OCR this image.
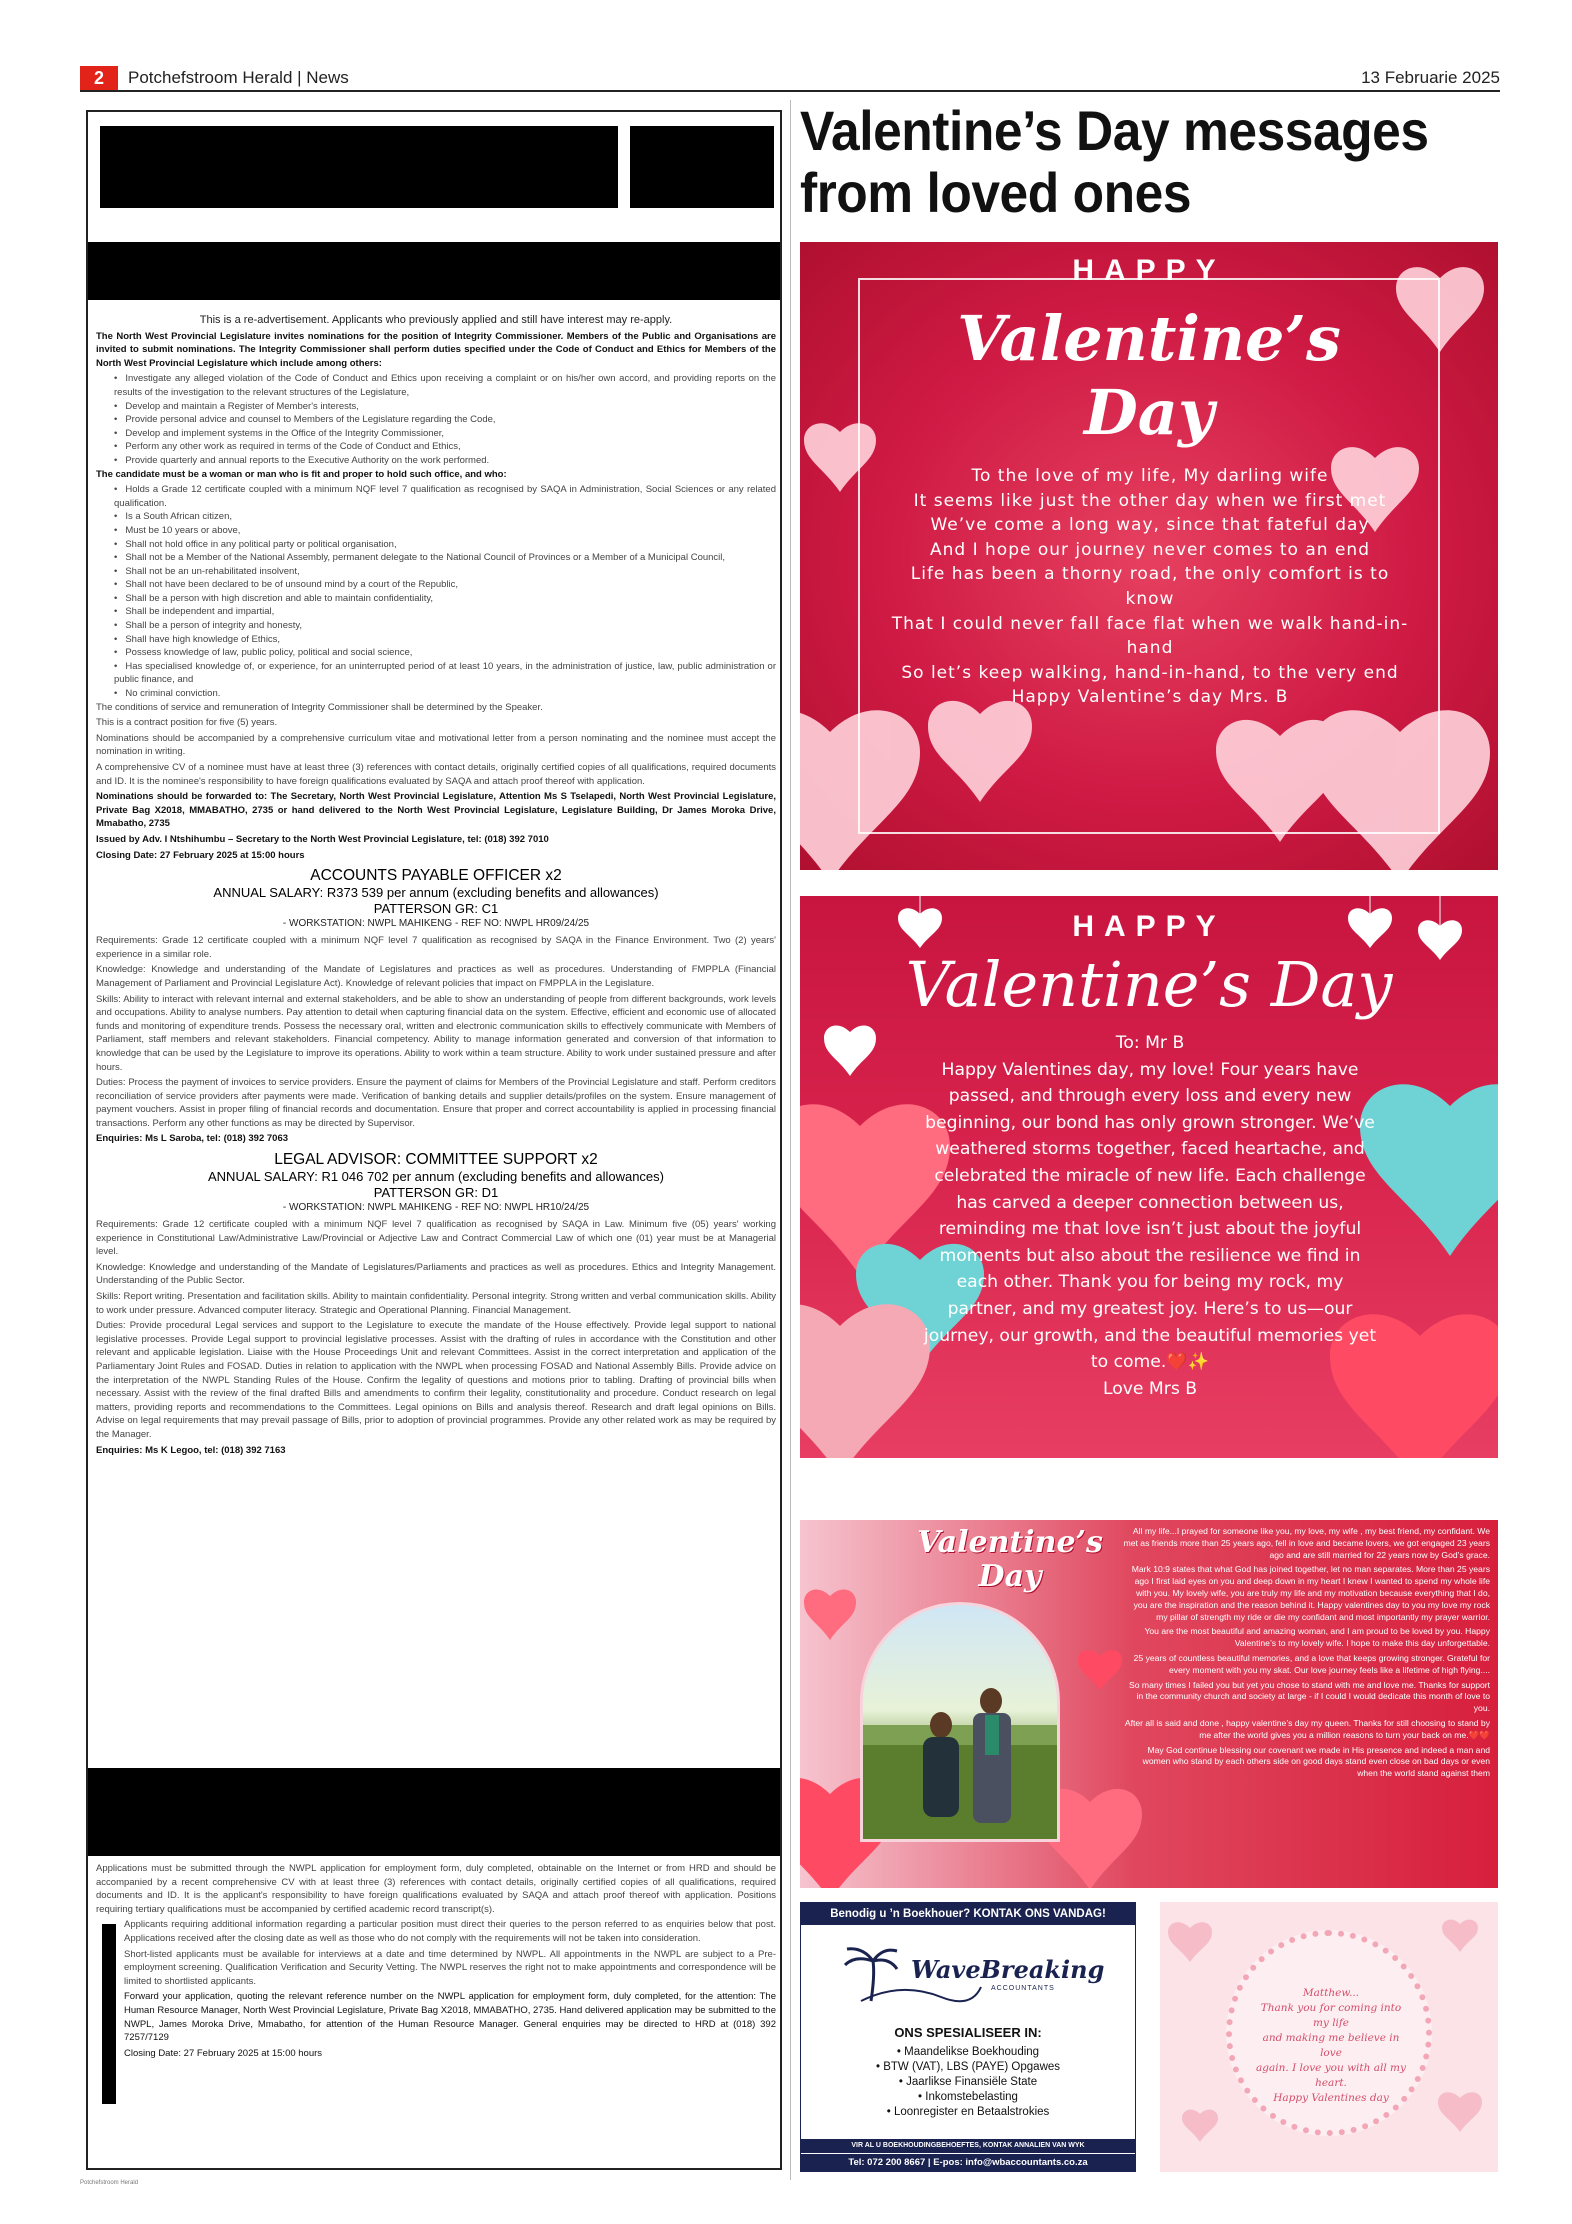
2	Potchefstroom Herald | News	13 Februarie 2025

This is a re-advertisement. Applicants who previously applied and still have interest may re-apply.

The North West Provincial Legislature invites nominations for the position of Integrity Commissioner. Members of the Public and Organisations are invited to submit nominations. The Integrity Commissioner shall perform duties specified under the Code of Conduct and Ethics for Members of the North West Provincial Legislature which include among others:

• Investigate any alleged violation of the Code of Conduct and Ethics upon receiving a complaint or on his/her own accord, and providing reports on the results of the investigation to the relevant structures of the Legislature,
• Develop and maintain a Register of Member's interests,
• Provide personal advice and counsel to Members of the Legislature regarding the Code,
• Develop and implement systems in the Office of the Integrity Commissioner,
• Perform any other work as required in terms of the Code of Conduct and Ethics,
• Provide quarterly and annual reports to the Executive Authority on the work performed.

The candidate must be a woman or man who is fit and proper to hold such office, and who:

• Holds a Grade 12 certificate coupled with a minimum NQF level 7 qualification as recognised by SAQA in Administration, Social Sciences or any related qualification.
• Is a South African citizen,
• Must be 10 years or above,
• Shall not hold office in any political party or political organisation,
• Shall not be a Member of the National Assembly, permanent delegate to the National Council of Provinces or a Member of a Municipal Council,
• Shall not be an un-rehabilitated insolvent,
• Shall not have been declared to be of unsound mind by a court of the Republic,
• Shall be a person with high discretion and able to maintain confidentiality,
• Shall be independent and impartial,
• Shall be a person of integrity and honesty,
• Shall have high knowledge of Ethics,
• Possess knowledge of law, public policy, political and social science,
• Has specialised knowledge of, or experience, for an uninterrupted period of at least 10 years, in the administration of justice, law, public administration or public finance, and
• No criminal conviction.

The conditions of service and remuneration of Integrity Commissioner shall be determined by the Speaker.

This is a contract position for five (5) years.

Nominations should be accompanied by a comprehensive curriculum vitae and motivational letter from a person nominating and the nominee must accept the nomination in writing.

A comprehensive CV of a nominee must have at least three (3) references with contact details, originally certified copies of all qualifications, required documents and ID. It is the nominee's responsibility to have foreign qualifications evaluated by SAQA and attach proof thereof with application.

Nominations should be forwarded to: The Secretary, North West Provincial Legislature, Attention Ms S Tselapedi, North West Provincial Legislature, Private Bag X2018, MMABATHO, 2735 or hand delivered to the North West Provincial Legislature, Legislature Building, Dr James Moroka Drive, Mmabatho, 2735

Issued by Adv. I Ntshihumbu – Secretary to the North West Provincial Legislature, tel: (018) 392 7010

Closing Date: 27 February 2025 at 15:00 hours

ACCOUNTS PAYABLE OFFICER x2
ANNUAL SALARY: R373 539 per annum (excluding benefits and allowances)
PATTERSON GR: C1
- WORKSTATION: NWPL MAHIKENG - REF NO: NWPL HR09/24/25

Requirements: Grade 12 certificate coupled with a minimum NQF level 7 qualification as recognised by SAQA in the Finance Environment. Two (2) years' experience in a similar role.

Knowledge: Knowledge and understanding of the Mandate of Legislatures and practices as well as procedures. Understanding of FMPPLA (Financial Management of Parliament and Provincial Legislature Act). Knowledge of relevant policies that impact on FMPPLA in the Legislature.

Skills: Ability to interact with relevant internal and external stakeholders, and be able to show an understanding of people from different backgrounds, work levels and occupations. Ability to analyse numbers. Pay attention to detail when capturing financial data on the system. Effective, efficient and economic use of allocated funds and monitoring of expenditure trends. Possess the necessary oral, written and electronic communication skills to effectively communicate with Members of Parliament, staff members and relevant stakeholders. Financial competency. Ability to manage information generated and conversion of that information to knowledge that can be used by the Legislature to improve its operations. Ability to work within a team structure. Ability to work under sustained pressure and after hours.

Duties: Process the payment of invoices to service providers. Ensure the payment of claims for Members of the Provincial Legislature and staff. Perform creditors reconciliation of service providers after payments were made. Verification of banking details and supplier details/profiles on the system. Ensure management of payment vouchers. Assist in proper filing of financial records and documentation. Ensure that proper and correct accountability is applied in processing financial transactions. Perform any other functions as may be directed by Supervisor.

Enquiries: Ms L Saroba, tel: (018) 392 7063

LEGAL ADVISOR: COMMITTEE SUPPORT x2
ANNUAL SALARY: R1 046 702 per annum (excluding benefits and allowances)
PATTERSON GR: D1
- WORKSTATION: NWPL MAHIKENG - REF NO: NWPL HR10/24/25

Requirements: Grade 12 certificate coupled with a minimum NQF level 7 qualification as recognised by SAQA in Law. Minimum five (05) years' working experience in Constitutional Law/Administrative Law/Provincial or Adjective Law and Contract Commercial Law of which one (01) year must be at Managerial level.

Knowledge: Knowledge and understanding of the Mandate of Legislatures/Parliaments and practices as well as procedures. Ethics and Integrity Management. Understanding of the Public Sector.

Skills: Report writing. Presentation and facilitation skills. Ability to maintain confidentiality. Personal integrity. Strong written and verbal communication skills. Ability to work under pressure. Advanced computer literacy. Strategic and Operational Planning. Financial Management.

Duties: Provide procedural Legal services and support to the Legislature to execute the mandate of the House effectively. Provide legal support to national legislative processes. Provide Legal support to provincial legislative processes. Assist with the drafting of rules in accordance with the Constitution and other relevant and applicable legislation. Liaise with the House Proceedings Unit and relevant Committees. Assist in the correct interpretation and application of the Parliamentary Joint Rules and FOSAD. Duties in relation to application with the NWPL when processing FOSAD and National Assembly Bills. Provide advice on the interpretation of the NWPL Standing Rules of the House. Confirm the legality of questions and motions prior to tabling. Drafting of provincial bills when necessary. Assist with the review of the final drafted Bills and amendments to confirm their legality, constitutionality and procedure. Conduct research on legal matters, providing reports and recommendations to the Committees. Legal opinions on Bills and analysis thereof. Research and draft legal opinions on Bills. Advise on legal requirements that may prevail passage of Bills, prior to adoption of provincial programmes. Provide any other related work as may be required by the Manager.

Enquiries: Ms K Legoo, tel: (018) 392 7163

Applications must be submitted through the NWPL application for employment form, duly completed, obtainable on the Internet or from HRD and should be accompanied by a recent comprehensive CV with at least three (3) references with contact details, originally certified copies of all qualifications, required documents and ID. It is the applicant's responsibility to have foreign qualifications evaluated by SAQA and attach proof thereof with application. Positions requiring tertiary qualifications must be accompanied by certified academic record transcript(s).

Applicants requiring additional information regarding a particular position must direct their queries to the person referred to as enquiries below that post. Applications received after the closing date as well as those who do not comply with the requirements will not be taken into consideration.

Short-listed applicants must be available for interviews at a date and time determined by NWPL. All appointments in the NWPL are subject to a Pre-employment screening. Qualification Verification and Security Vetting. The NWPL reserves the right not to make appointments and correspondence will be limited to shortlisted applicants.

Forward your application, quoting the relevant reference number on the NWPL application for employment form, duly completed, for the attention: The Human Resource Manager, North West Provincial Legislature, Private Bag X2018, MMABATHO, 2735. Hand delivered application may be submitted to the NWPL, James Moroka Drive, Mmabatho, for attention of the Human Resource Manager. General enquiries may be directed to HRD at (018) 392 7257/7129

Closing Date: 27 February 2025 at 15:00 hours

Potchefstroom Herald
Valentine’s Day messages from loved ones
HAPPY
Valentine’s
Day
To the love of my life, My darling wife
It seems like just the other day when we first met
We’ve come a long way, since that fateful day
And I hope our journey never comes to an end
Life has been a thorny road, the only comfort is to know
That I could never fall face flat when we walk hand-in-hand
So let’s keep walking, hand-in-hand, to the very end
Happy Valentine’s day Mrs. B
HAPPY
Valentine’s Day
To: Mr B
Happy Valentines day, my love! Four years have passed, and through every loss and every new beginning, our bond has only grown stronger. We’ve weathered storms together, faced heartache, and celebrated the miracle of new life. Each challenge has carved a deeper connection between us, reminding me that love isn’t just about the joyful moments but also about the resilience we find in each other. Thank you for being my rock, my partner, and my greatest joy. Here’s to us—our journey, our growth, and the beautiful memories yet to come.❤️✨
Love Mrs B
Valentine’s Day

All my life...I prayed for someone like you, my love, my wife , my best friend, my confidant. We met as friends more than 25 years ago, fell in love and became lovers, we got engaged 23 years ago and are still married for 22 years now by God’s grace.

Mark 10:9 states that what God has joined together, let no man separates. More than 25 years ago I first laid eyes on you and deep down in my heart I knew I wanted to spend my whole life with you. My lovely wife, you are truly my life and my motivation because everything that I do, you are the inspiration and the reason behind it. Happy valentines day to you my love my rock my pillar of strength my ride or die my confidant and most importantly my prayer warrior.

You are the most beautiful and amazing woman, and I am proud to be loved by you. Happy Valentine’s to my lovely wife. I hope to make this day unforgettable.

25 years of countless beautiful memories, and a love that keeps growing stronger. Grateful for every moment with you my skat. Our love journey feels like a lifetime of high flying....

So many times I failed you but yet you chose to stand with me and love me. Thanks for support in the community church and society at large - if I could I would dedicate this month of love to you.

After all is said and done , happy valentine’s day my queen. Thanks for still choosing to stand by me after the world gives you a million reasons to turn your back on me.❤️❤️

May God continue blessing our covenant we made in His presence and indeed a man and women who stand by each others side on good days stand even close on bad days or even when the world stand against them

Benodig u ’n Boekhouer? KONTAK ONS VANDAG!
WaveBreaking
ACCOUNTANTS
ONS SPESIALISEER IN:
• Maandelikse Boekhouding
• BTW (VAT), LBS (PAYE) Opgawes
• Jaarlikse Finansiële State
• Inkomstebelasting
• Loonregister en Betaalstrokies
VIR AL U BOEKHOUDINGBEHOEFTES, KONTAK ANNALIEN VAN WYK
Tel: 072 200 8667 | E-pos: info@wbaccountants.co.za
Matthew...
Thank you for coming into my life
and making me believe in love
again. I love you with all my heart.
Happy Valentines day
